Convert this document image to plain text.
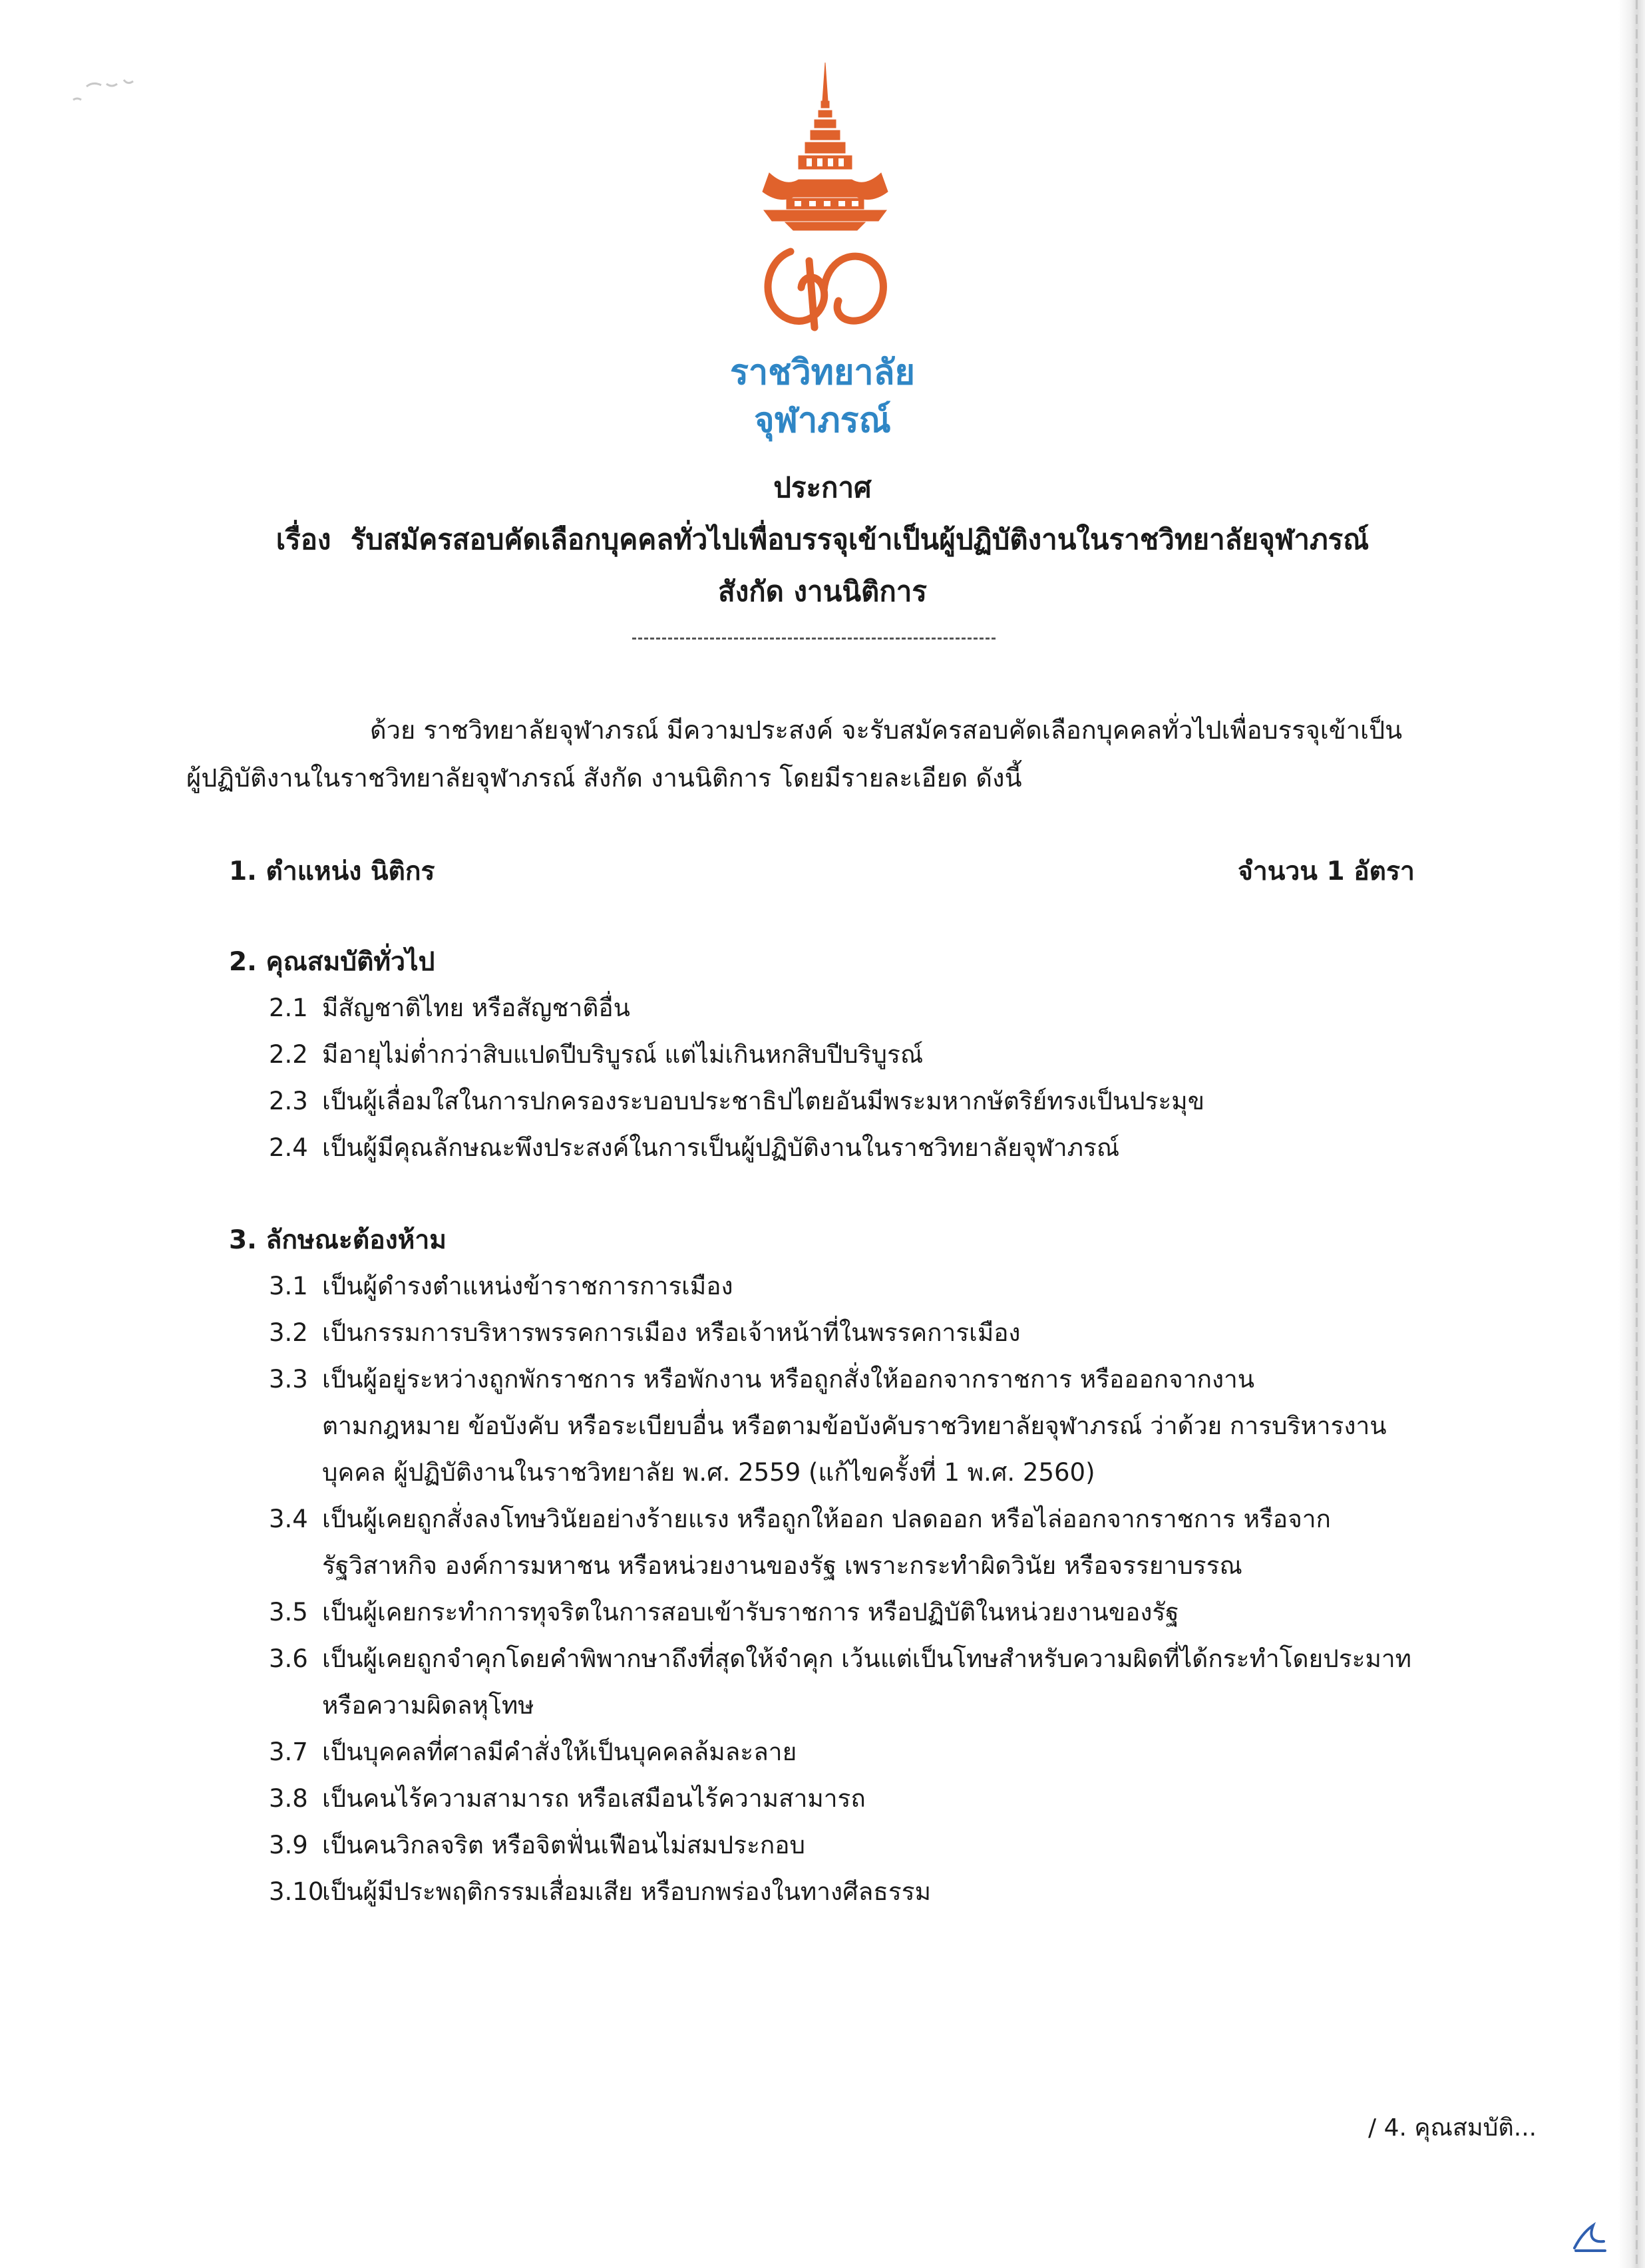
ราชวิทยาลัย
จุฬาภรณ์
ประกาศ
เรื่อง รับสมัครสอบคัดเลือกบุคคลทั่วไปเพื่อบรรจุเข้าเป็นผู้ปฏิบัติงานในราชวิทยาลัยจุฬาภรณ์
สังกัด งานนิติการ
ด้วย ราชวิทยาลัยจุฬาภรณ์ มีความประสงค์ จะรับสมัครสอบคัดเลือกบุคคลทั่วไปเพื่อบรรจุเข้าเป็น
ผู้ปฏิบัติงานในราชวิทยาลัยจุฬาภรณ์ สังกัด งานนิติการ โดยมีรายละเอียด ดังนี้
1. ตำแหน่ง นิติกร	จำนวน 1 อัตรา
2. คุณสมบัติทั่วไป
2.1 มีสัญชาติไทย หรือสัญชาติอื่น
2.2 มีอายุไม่ต่ำกว่าสิบแปดปีบริบูรณ์ แต่ไม่เกินหกสิบปีบริบูรณ์
2.3 เป็นผู้เลื่อมใสในการปกครองระบอบประชาธิปไตยอันมีพระมหากษัตริย์ทรงเป็นประมุข
2.4 เป็นผู้มีคุณลักษณะพึงประสงค์ในการเป็นผู้ปฏิบัติงานในราชวิทยาลัยจุฬาภรณ์
3. ลักษณะต้องห้าม
3.1 เป็นผู้ดำรงตำแหน่งข้าราชการการเมือง
3.2 เป็นกรรมการบริหารพรรคการเมือง หรือเจ้าหน้าที่ในพรรคการเมือง
3.3 เป็นผู้อยู่ระหว่างถูกพักราชการ หรือพักงาน หรือถูกสั่งให้ออกจากราชการ หรือออกจากงาน
ตามกฎหมาย ข้อบังคับ หรือระเบียบอื่น หรือตามข้อบังคับราชวิทยาลัยจุฬาภรณ์ ว่าด้วย การบริหารงาน
บุคคล ผู้ปฏิบัติงานในราชวิทยาลัย พ.ศ. 2559 (แก้ไขครั้งที่ 1 พ.ศ. 2560)
3.4 เป็นผู้เคยถูกสั่งลงโทษวินัยอย่างร้ายแรง หรือถูกให้ออก ปลดออก หรือไล่ออกจากราชการ หรือจาก
รัฐวิสาหกิจ องค์การมหาชน หรือหน่วยงานของรัฐ เพราะกระทำผิดวินัย หรือจรรยาบรรณ
3.5 เป็นผู้เคยกระทำการทุจริตในการสอบเข้ารับราชการ หรือปฏิบัติในหน่วยงานของรัฐ
3.6 เป็นผู้เคยถูกจำคุกโดยคำพิพากษาถึงที่สุดให้จำคุก เว้นแต่เป็นโทษสำหรับความผิดที่ได้กระทำโดยประมาท
หรือความผิดลหุโทษ
3.7 เป็นบุคคลที่ศาลมีคำสั่งให้เป็นบุคคลล้มละลาย
3.8 เป็นคนไร้ความสามารถ หรือเสมือนไร้ความสามารถ
3.9 เป็นคนวิกลจริต หรือจิตฟั่นเฟือนไม่สมประกอบ
3.10เป็นผู้มีประพฤติกรรมเสื่อมเสีย หรือบกพร่องในทางศีลธรรม
/ 4. คุณสมบัติ...
